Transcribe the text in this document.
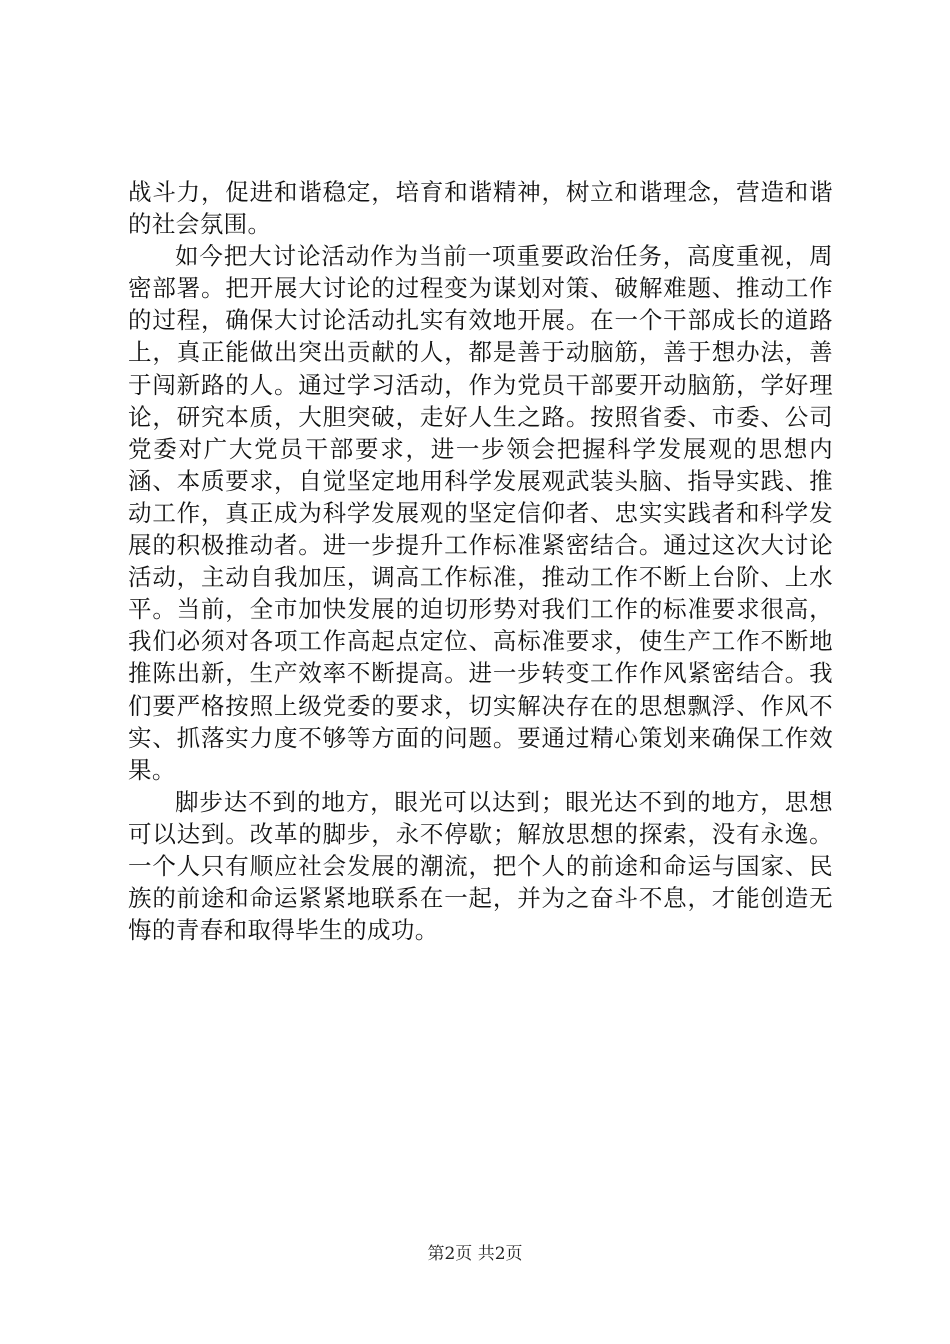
战斗力，促进和谐稳定，培育和谐精神，树立和谐理念，营造和谐的社会氛围。

如今把大讨论活动作为当前一项重要政治任务，高度重视，周密部署。把开展大讨论的过程变为谋划对策、破解难题、推动工作的过程，确保大讨论活动扎实有效地开展。在一个干部成长的道路上，真正能做出突出贡献的人，都是善于动脑筋，善于想办法，善于闯新路的人。通过学习活动，作为党员干部要开动脑筋，学好理论，研究本质，大胆突破，走好人生之路。按照省委、市委、公司党委对广大党员干部要求，进一步领会把握科学发展观的思想内涵、本质要求，自觉坚定地用科学发展观武装头脑、指导实践、推动工作，真正成为科学发展观的坚定信仰者、忠实实践者和科学发展的积极推动者。进一步提升工作标准紧密结合。通过这次大讨论活动，主动自我加压，调高工作标准，推动工作不断上台阶、上水平。当前，全市加快发展的迫切形势对我们工作的标准要求很高，我们必须对各项工作高起点定位、高标准要求，使生产工作不断地推陈出新，生产效率不断提高。进一步转变工作作风紧密结合。我们要严格按照上级党委的要求，切实解决存在的思想飘浮、作风不实、抓落实力度不够等方面的问题。要通过精心策划来确保工作效果。

脚步达不到的地方，眼光可以达到；眼光达不到的地方，思想可以达到。改革的脚步，永不停歇；解放思想的探索，没有永逸。一个人只有顺应社会发展的潮流，把个人的前途和命运与国家、民族的前途和命运紧紧地联系在一起，并为之奋斗不息，才能创造无悔的青春和取得毕生的成功。

第2页 共2页
